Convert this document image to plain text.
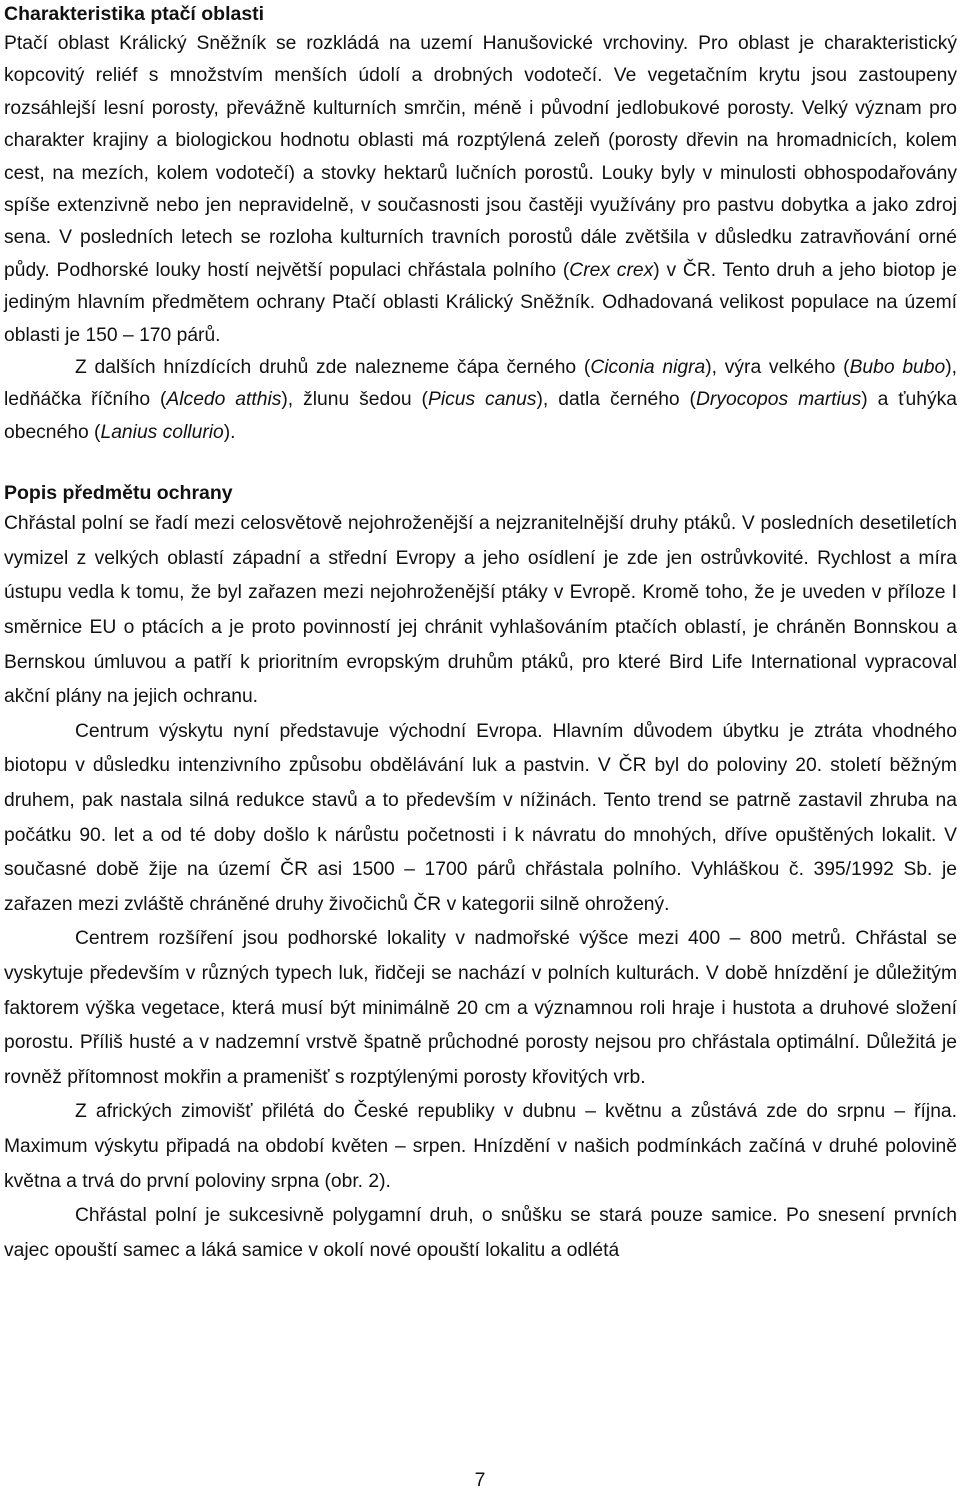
Charakteristika ptačí oblasti

Ptačí oblast Králický Sněžník se rozkládá na uzemí Hanušovické vrchoviny. Pro oblast je charakteristický kopcovitý reliéf s množstvím menších údolí a drobných vodotečí. Ve vegetačním krytu jsou zastoupeny rozsáhlejší lesní porosty, převážně kulturních smrčin, méně i původní jedlobukové porosty. Velký význam pro charakter krajiny a biologickou hodnotu oblasti má rozptýlená zeleň (porosty dřevin na hromadnicích, kolem cest, na mezích, kolem vodotečí) a stovky hektarů lučních porostů. Louky byly v minulosti obhospodařovány spíše extenzivně nebo jen nepravidelně, v současnosti jsou častěji využívány pro pastvu dobytka a jako zdroj sena. V posledních letech se rozloha kulturních travních porostů dále zvětšila v důsledku zatravňování orné půdy. Podhorské louky hostí největší populaci chřástala polního (Crex crex) v ČR. Tento druh a jeho biotop je jediným hlavním předmětem ochrany Ptačí oblasti Králický Sněžník. Odhadovaná velikost populace na území oblasti je 150 – 170 párů.

Z dalších hnízdících druhů zde nalezneme čápa černého (Ciconia nigra), výra velkého (Bubo bubo), ledňáčka říčního (Alcedo atthis), žlunu šedou (Picus canus), datla černého (Dryocopos martius) a ťuhýka obecného (Lanius collurio).

Popis předmětu ochrany

Chřástal polní se řadí mezi celosvětově nejohroženější a nejzranitelnější druhy ptáků. V posledních desetiletích vymizel z velkých oblastí západní a střední Evropy a jeho osídlení je zde jen ostrůvkovité. Rychlost a míra ústupu vedla k tomu, že byl zařazen mezi nejohroženější ptáky v Evropě. Kromě toho, že je uveden v příloze I směrnice EU o ptácích a je proto povinností jej chránit vyhlašováním ptačích oblastí, je chráněn Bonnskou a Bernskou úmluvou a patří k prioritním evropským druhům ptáků, pro které Bird Life International vypracoval akční plány na jejich ochranu.

Centrum výskytu nyní představuje východní Evropa. Hlavním důvodem úbytku je ztráta vhodného biotopu v důsledku intenzivního způsobu obdělávání luk a pastvin. V ČR byl do poloviny 20. století běžným druhem, pak nastala silná redukce stavů a to především v nížinách. Tento trend se patrně zastavil zhruba na počátku 90. let a od té doby došlo k nárůstu početnosti i k návratu do mnohých, dříve opuštěných lokalit. V současné době žije na území ČR asi 1500 – 1700 párů chřástala polního. Vyhláškou č. 395/1992 Sb. je zařazen mezi zvláště chráněné druhy živočichů ČR v kategorii silně ohrožený.

Centrem rozšíření jsou podhorské lokality v nadmořské výšce mezi 400 – 800 metrů. Chřástal se vyskytuje především v různých typech luk, řidčeji se nachází v polních kulturách. V době hnízdění je důležitým faktorem výška vegetace, která musí být minimálně 20 cm a významnou roli hraje i hustota a druhové složení porostu. Příliš husté a v nadzemní vrstvě špatně průchodné porosty nejsou pro chřástala optimální. Důležitá je rovněž přítomnost mokřin a pramenišť s rozptýlenými porosty křovitých vrb.

Z afrických zimovišť přilétá do České republiky v dubnu – květnu a zůstává zde do srpnu – října. Maximum výskytu připadá na období květen – srpen. Hnízdění v našich podmínkách začíná v druhé polovině května a trvá do první poloviny srpna (obr. 2).

Chřástal polní je sukcesivně polygamní druh, o snůšku se stará pouze samice. Po snesení prvních vajec opouští samec a láká samice v okolí nové opouští lokalitu a odlétá

7
